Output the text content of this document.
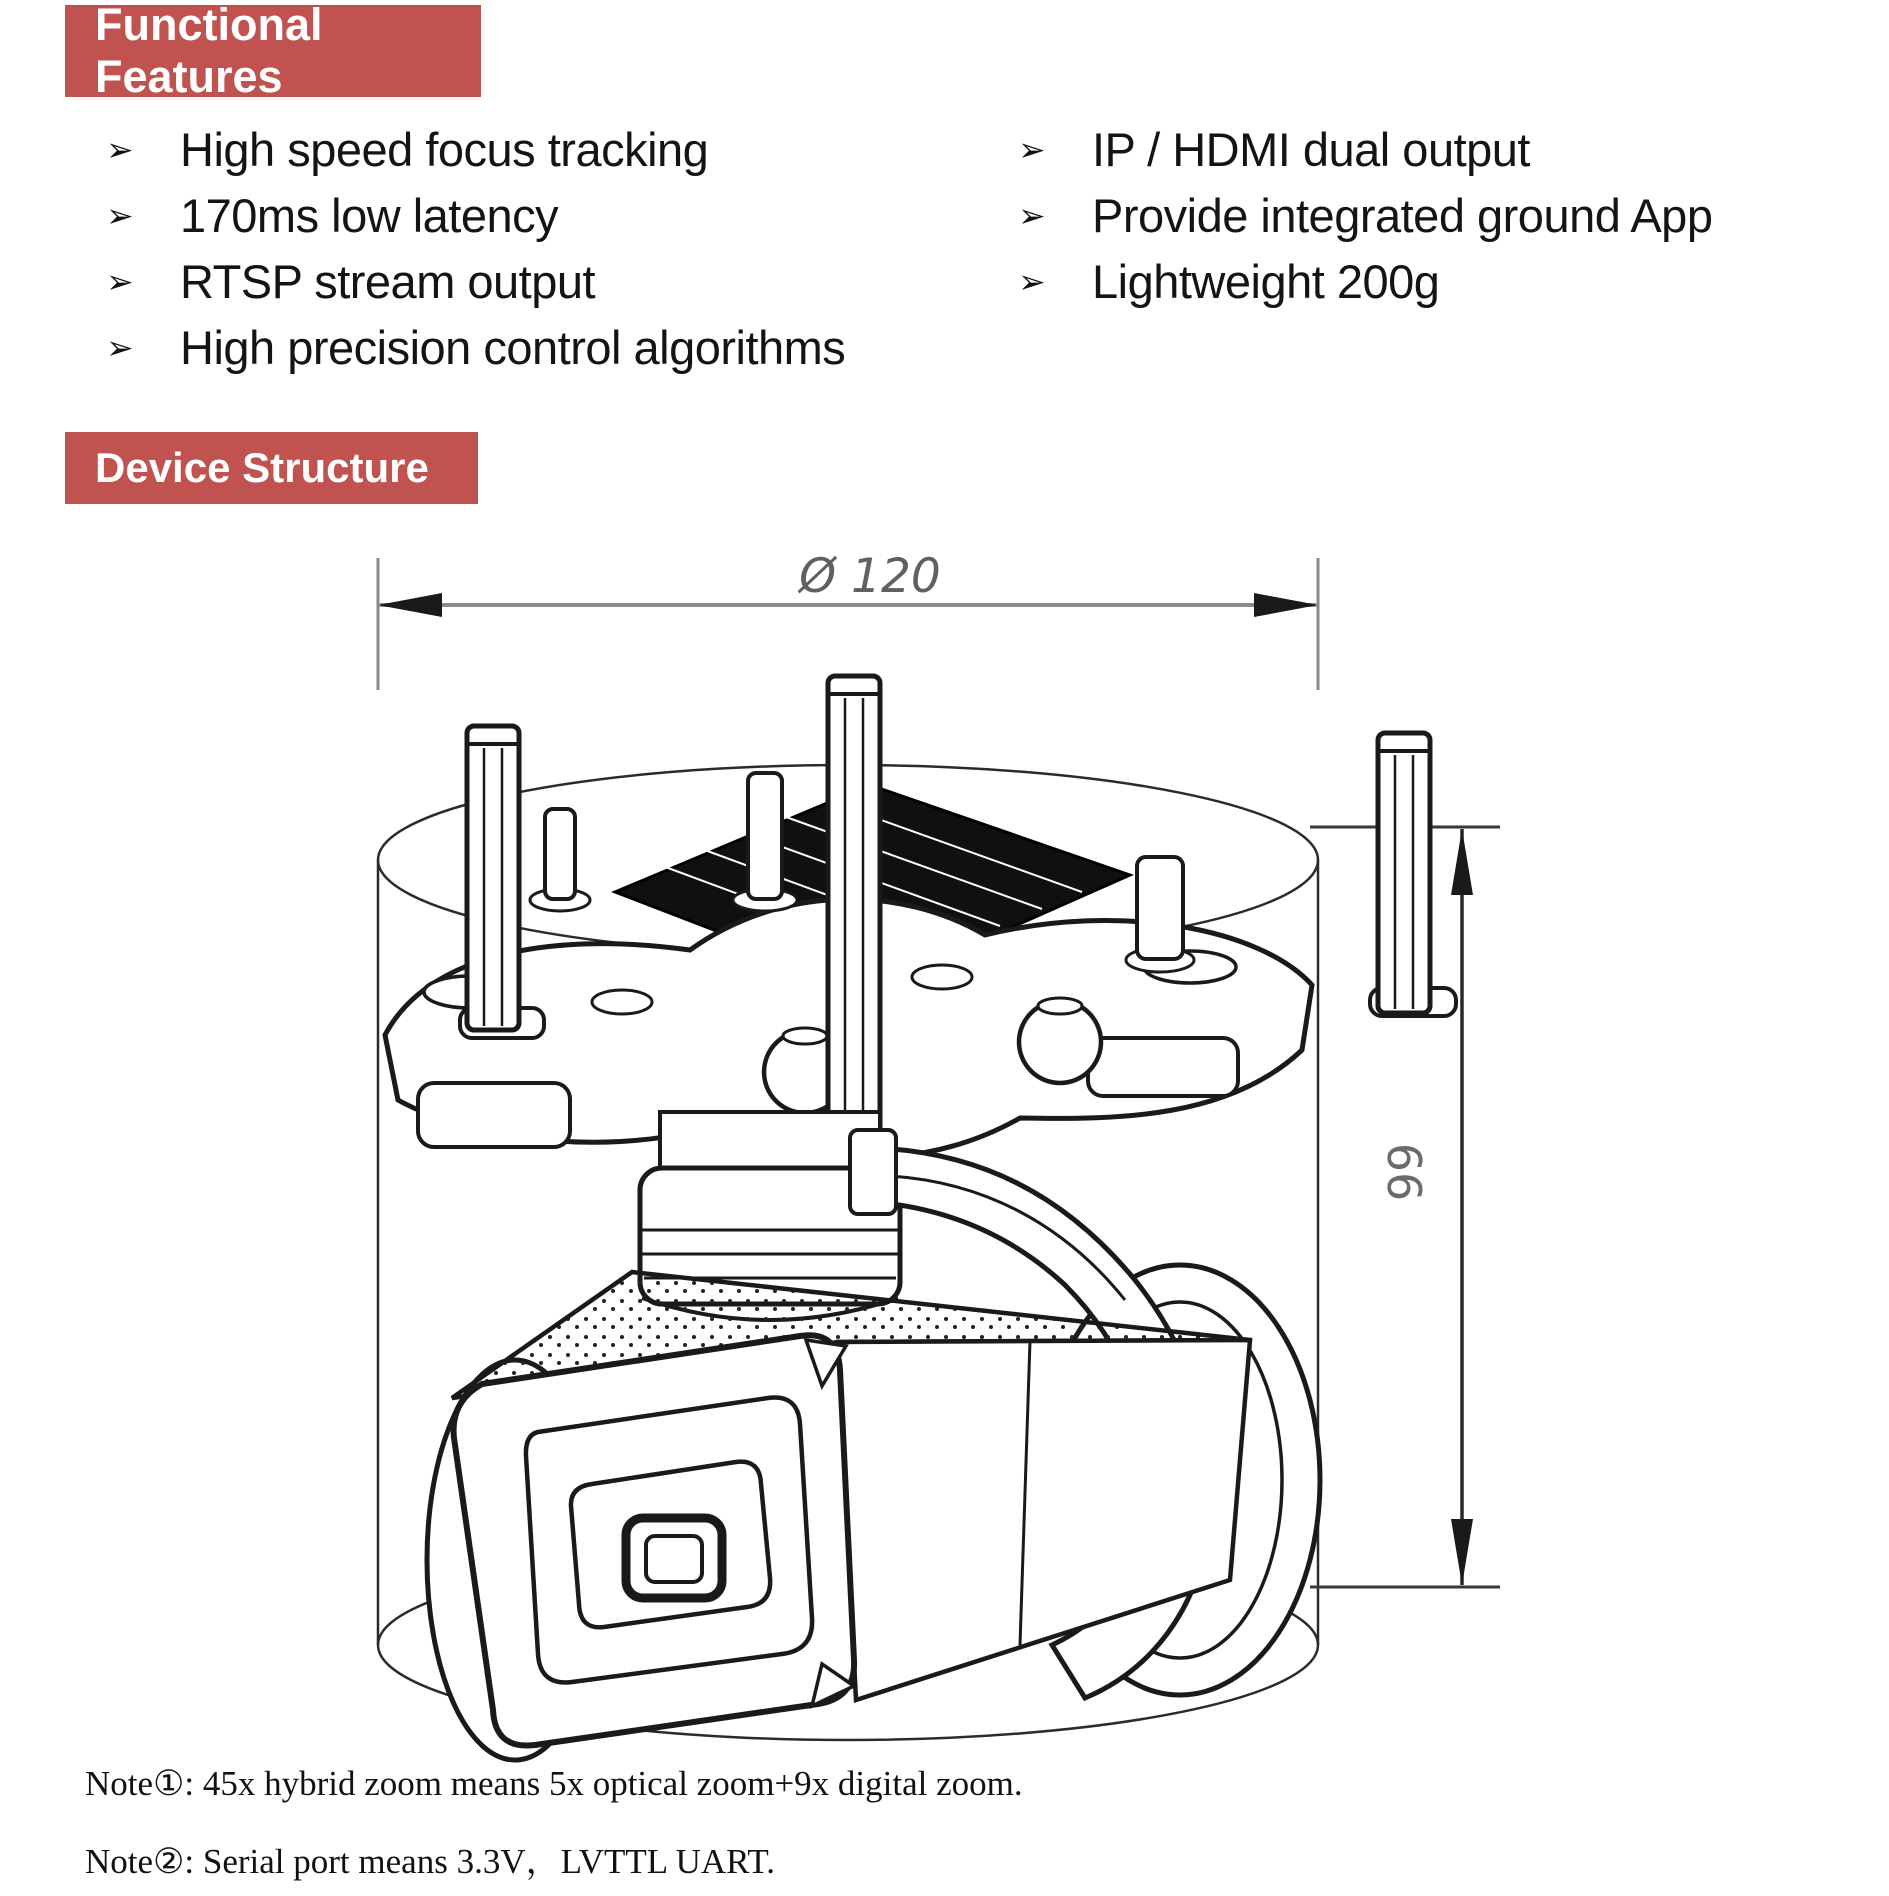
Functional Features
➢ High speed focus tracking
➢ 170ms low latency
➢ RTSP stream output
➢ High precision control algorithms
➢ IP / HDMI dual output
➢ Provide integrated ground App
➢ Lightweight 200g
Device Structure
Ø 120
99
Note①: 45x hybrid zoom means 5x optical zoom+9x digital zoom.
Note②: Serial port means 3.3V，LVTTL UART.
